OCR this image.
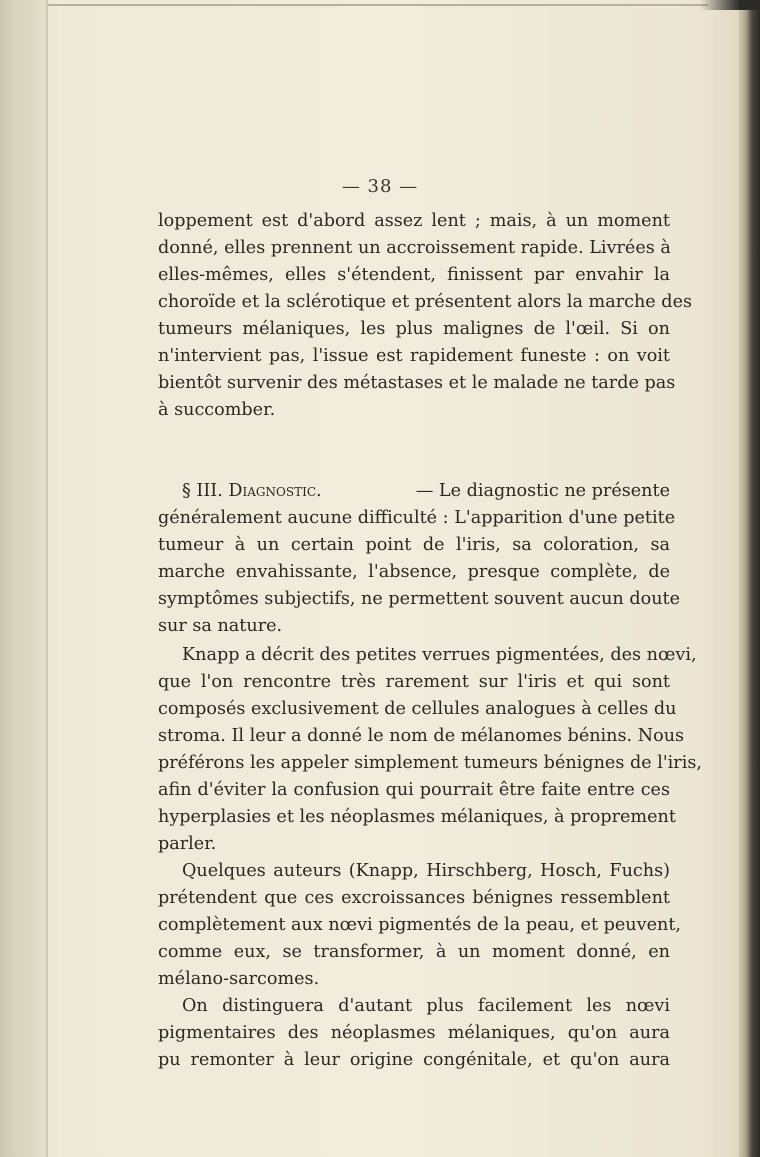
— 38 —
loppement est d'abord assez lent ; mais, à un moment
donné, elles prennent un accroissement rapide. Livrées à
elles-mêmes, elles s'étendent, finissent par envahir la
choroïde et la sclérotique et présentent alors la marche des
tumeurs mélaniques, les plus malignes de l'œil. Si on
n'intervient pas, l'issue est rapidement funeste : on voit
bientôt survenir des métastases et le malade ne tarde pas
à succomber.
§ III. Diagnostic.	— Le diagnostic ne présente
généralement aucune difficulté : L'apparition d'une petite
tumeur à un certain point de l'iris, sa coloration, sa
marche envahissante, l'absence, presque complète, de
symptômes subjectifs, ne permettent souvent aucun doute
sur sa nature.
Knapp a décrit des petites verrues pigmentées, des nœvi,
que l'on rencontre très rarement sur l'iris et qui sont
composés exclusivement de cellules analogues à celles du
stroma. Il leur a donné le nom de mélanomes bénins. Nous
préférons les appeler simplement tumeurs bénignes de l'iris,
afin d'éviter la confusion qui pourrait être faite entre ces
hyperplasies et les néoplasmes mélaniques, à proprement
parler.
Quelques auteurs (Knapp, Hirschberg, Hosch, Fuchs)
prétendent que ces excroissances bénignes ressemblent
complètement aux nœvi pigmentés de la peau, et peuvent,
comme eux, se transformer, à un moment donné, en
mélano-sarcomes.
On distinguera d'autant plus facilement les nœvi
pigmentaires des néoplasmes mélaniques, qu'on aura
pu remonter à leur origine congénitale, et qu'on aura
